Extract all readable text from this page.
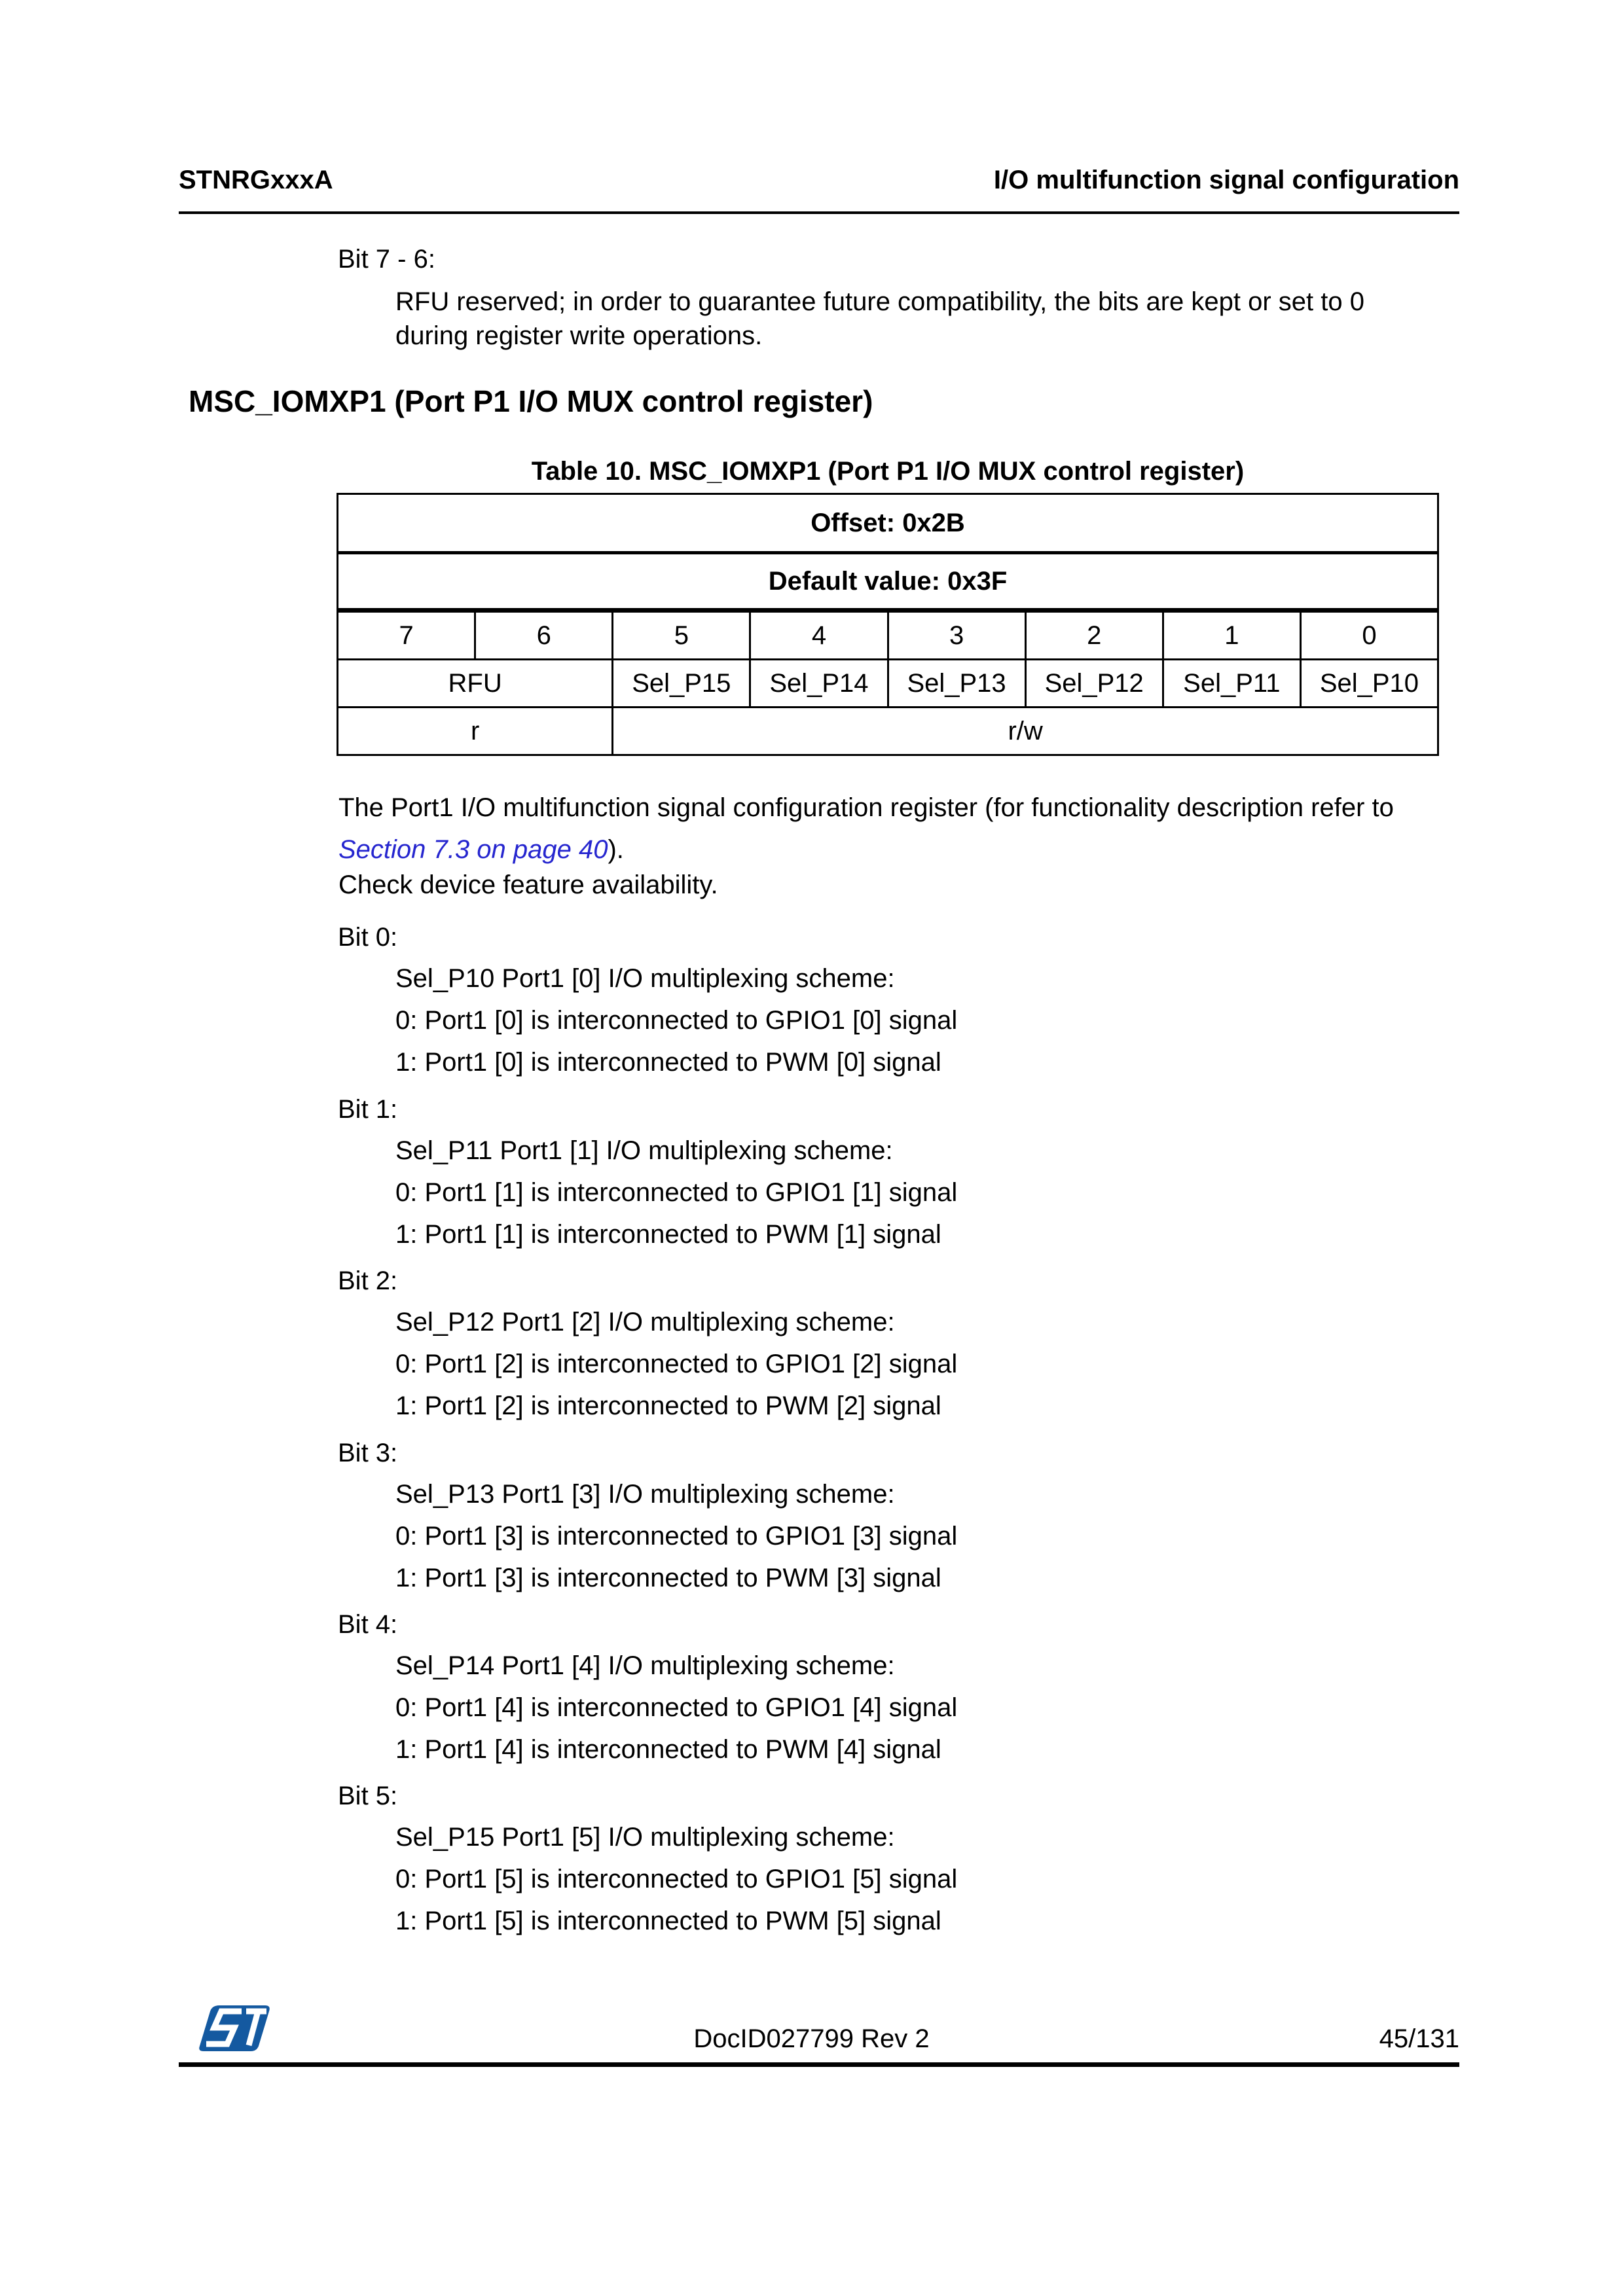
STNRGxxxA	I/O multifunction signal configuration
Bit 7 - 6:
RFU reserved; in order to guarantee future compatibility, the bits are kept or set to 0
during register write operations.
MSC_IOMXP1 (Port P1 I/O MUX control register)
Table 10. MSC_IOMXP1 (Port P1 I/O MUX control register)
Offset: 0x2B							
Default value: 0x3F							
7	6	5	4	3	2	1	0
RFU		Sel_P15	Sel_P14	Sel_P13	Sel_P12	Sel_P11	Sel_P10
r		r/w					
The Port1 I/O multifunction signal configuration register (for functionality description refer to
Section 7.3 on page 40).
Check device feature availability.
Bit 0:
Sel_P10 Port1 [0] I/O multiplexing scheme:
0: Port1 [0] is interconnected to GPIO1 [0] signal
1: Port1 [0] is interconnected to PWM [0] signal
Bit 1:
Sel_P11 Port1 [1] I/O multiplexing scheme:
0: Port1 [1] is interconnected to GPIO1 [1] signal
1: Port1 [1] is interconnected to PWM [1] signal
Bit 2:
Sel_P12 Port1 [2] I/O multiplexing scheme:
0: Port1 [2] is interconnected to GPIO1 [2] signal
1: Port1 [2] is interconnected to PWM [2] signal
Bit 3:
Sel_P13 Port1 [3] I/O multiplexing scheme:
0: Port1 [3] is interconnected to GPIO1 [3] signal
1: Port1 [3] is interconnected to PWM [3] signal
Bit 4:
Sel_P14 Port1 [4] I/O multiplexing scheme:
0: Port1 [4] is interconnected to GPIO1 [4] signal
1: Port1 [4] is interconnected to PWM [4] signal
Bit 5:
Sel_P15 Port1 [5] I/O multiplexing scheme:
0: Port1 [5] is interconnected to GPIO1 [5] signal
1: Port1 [5] is interconnected to PWM [5] signal
DocID027799 Rev 2	45/131
